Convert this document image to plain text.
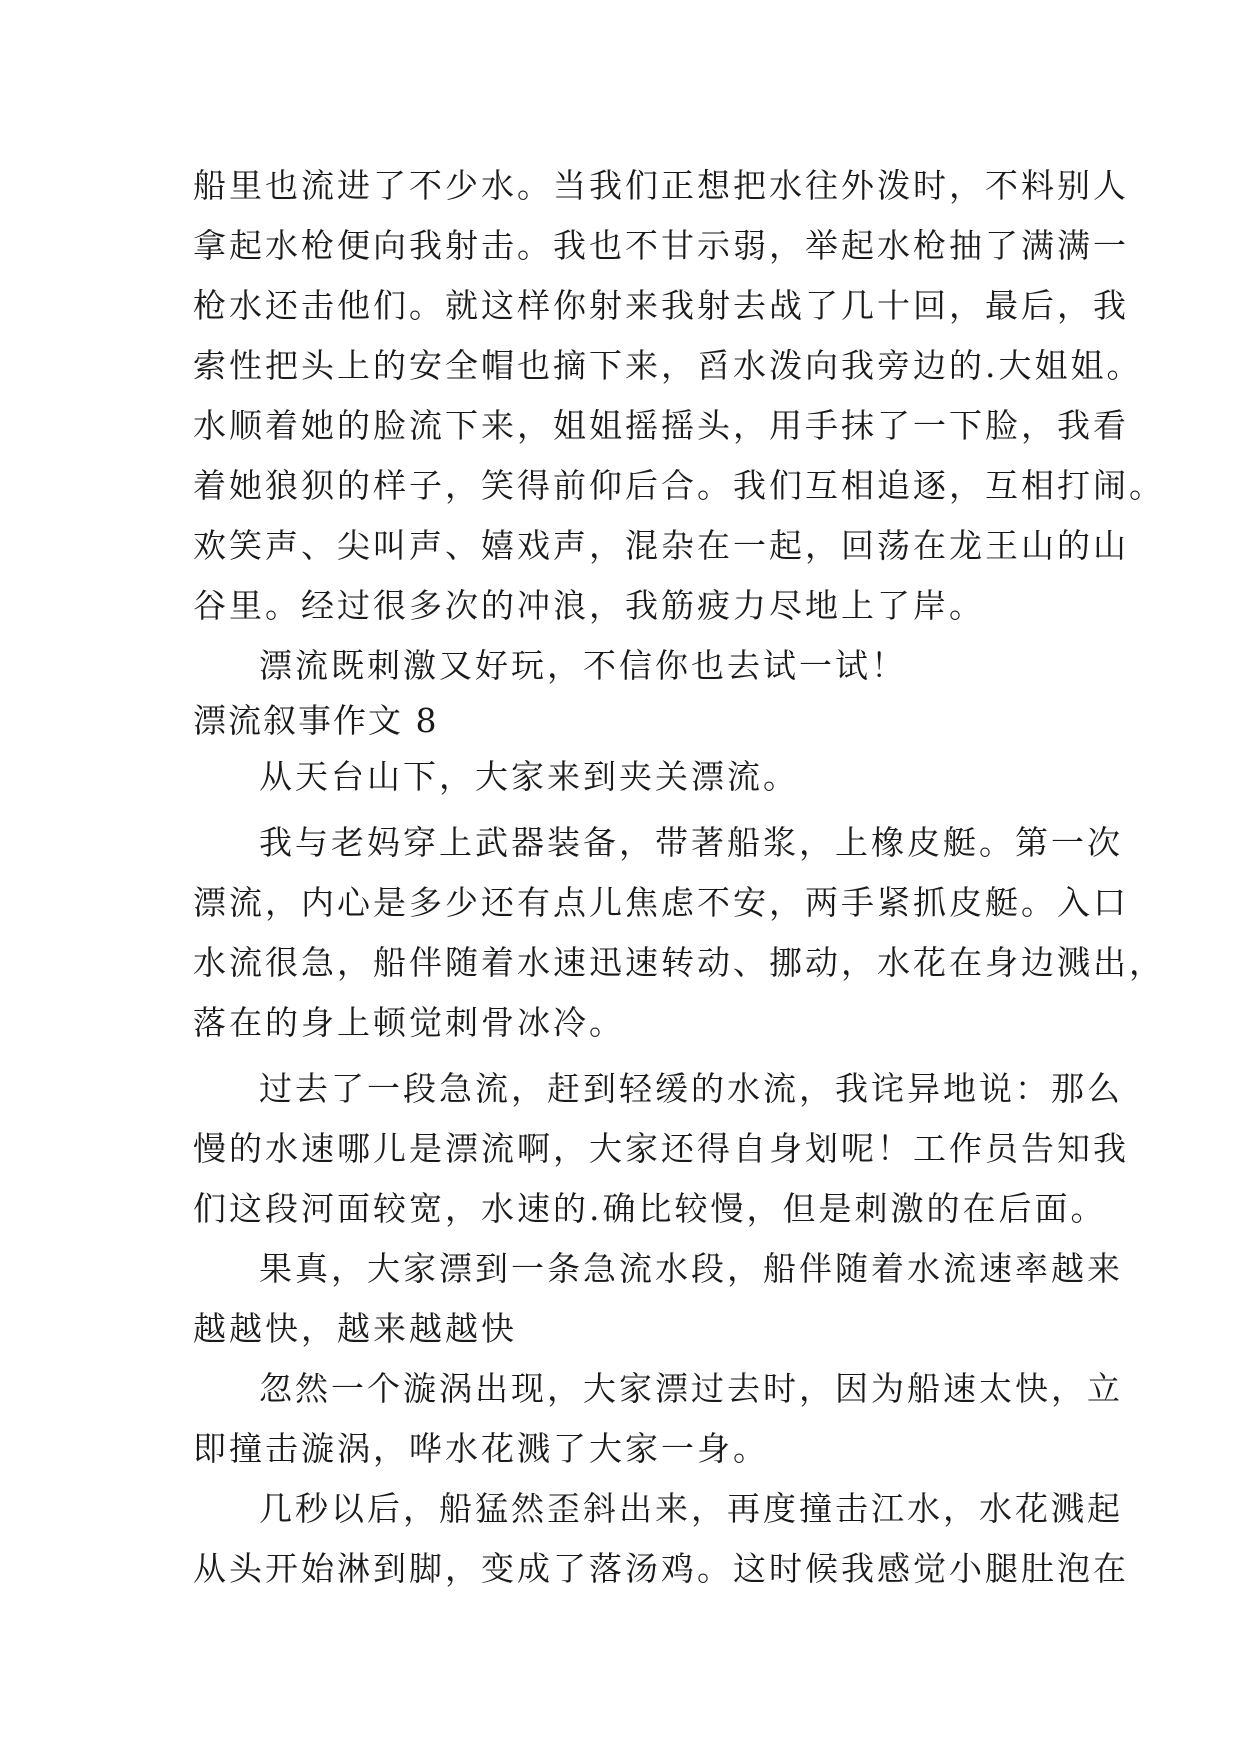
船里也流进了不少水。当我们正想把水往外泼时，不料别人
拿起水枪便向我射击。我也不甘示弱，举起水枪抽了满满一
枪水还击他们。就这样你射来我射去战了几十回，最后，我
索性把头上的安全帽也摘下来，舀水泼向我旁边的.大姐姐。
水顺着她的脸流下来，姐姐摇摇头，用手抹了一下脸，我看
着她狼狈的样子，笑得前仰后合。我们互相追逐，互相打闹。
欢笑声、尖叫声、嬉戏声，混杂在一起，回荡在龙王山的山
谷里。经过很多次的冲浪，我筋疲力尽地上了岸。
漂流既刺激又好玩，不信你也去试一试！
漂流叙事作文 8
从天台山下，大家来到夹关漂流。
我与老妈穿上武器装备，带著船浆，上橡皮艇。第一次
漂流，内心是多少还有点儿焦虑不安，两手紧抓皮艇。入口
水流很急，船伴随着水速迅速转动、挪动，水花在身边溅出，
落在的身上顿觉刺骨冰冷。
过去了一段急流，赶到轻缓的水流，我诧异地说：那么
慢的水速哪儿是漂流啊，大家还得自身划呢！工作员告知我
们这段河面较宽，水速的.确比较慢，但是刺激的在后面。
果真，大家漂到一条急流水段，船伴随着水流速率越来
越越快，越来越越快
忽然一个漩涡出现，大家漂过去时，因为船速太快，立
即撞击漩涡，哗水花溅了大家一身。
几秒以后，船猛然歪斜出来，再度撞击江水，水花溅起
从头开始淋到脚，变成了落汤鸡。这时候我感觉小腿肚泡在
